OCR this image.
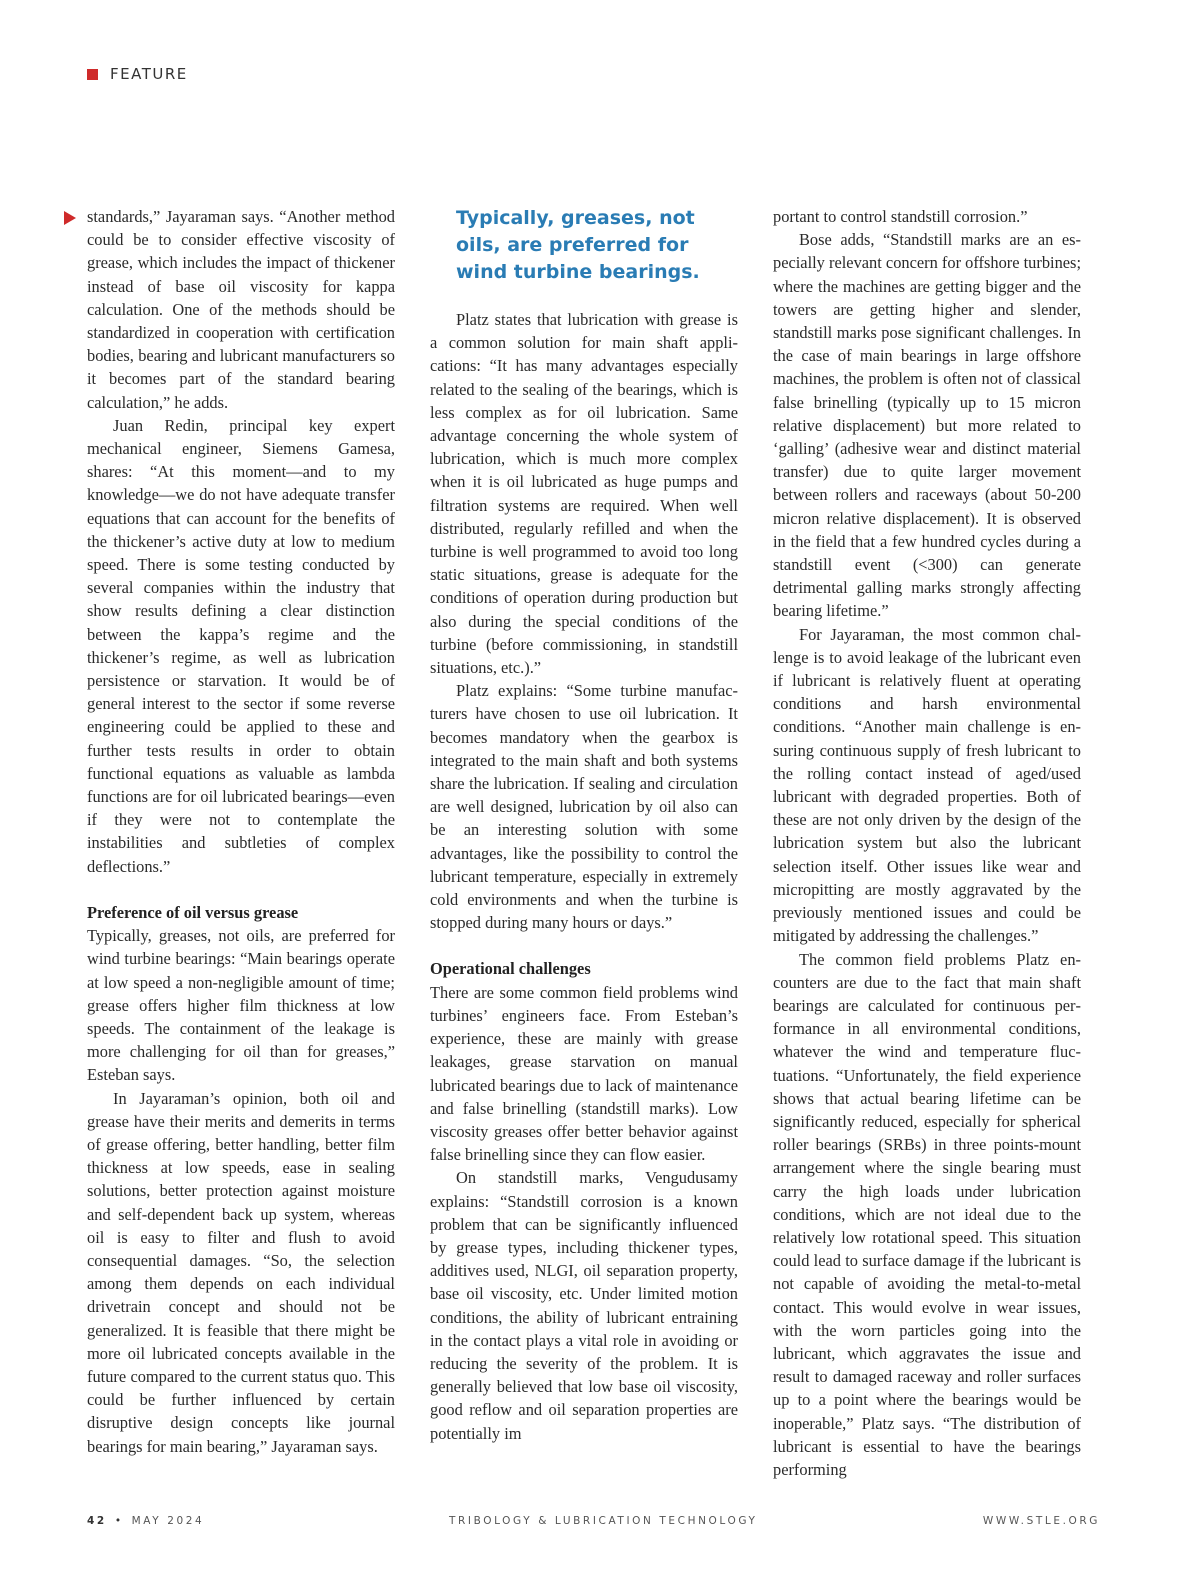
FEATURE

standards,” Jayaraman says. “Another method could be to consider effective viscosity of grease, which includes the impact of thickener instead of base oil viscosity for kappa calculation. One of the methods should be standardized in cooperation with certification bodies, bearing and lubricant manufacturers so it becomes part of the standard bearing calculation,” he adds.

Juan Redin, principal key expert mechanical engineer, Siemens Gamesa, shares: “At this moment—and to my knowledge—we do not have adequate transfer equations that can account for the benefits of the thickener’s active duty at low to medium speed. There is some testing conducted by several companies within the industry that show results defining a clear distinction between the kappa’s regime and the thickener’s regime, as well as lubrication persistence or starvation. It would be of general interest to the sector if some reverse engineering could be applied to these and further tests results in order to obtain functional equations as valuable as lambda functions are for oil lubricated bearings—even if they were not to contemplate the instabilities and subtleties of complex deflections.”

Preference of oil versus grease

Typically, greases, not oils, are preferred for wind turbine bearings: “Main bearings operate at low speed a non-negligible amount of time; grease offers higher film thickness at low speeds. The containment of the leakage is more challenging for oil than for greases,” Esteban says.

In Jayaraman’s opinion, both oil and grease have their merits and demerits in terms of grease offering, better handling, better film thickness at low speeds, ease in sealing solutions, better protection against moisture and self-dependent back up system, whereas oil is easy to filter and flush to avoid consequential damages. “So, the selection among them depends on each individual drivetrain concept and should not be generalized. It is feasible that there might be more oil lubricated concepts available in the future compared to the current status quo. This could be further influenced by certain disruptive design concepts like journal bearings for main bearing,” Jayaraman says.

Typically, greases, not oils, are preferred for wind turbine bearings.

Platz states that lubrication with grease is a common solution for main shaft applications: “It has many advantages especially related to the sealing of the bearings, which is less complex as for oil lubrication. Same advantage concerning the whole system of lubrication, which is much more complex when it is oil lubricated as huge pumps and filtration systems are required. When well distributed, regularly refilled and when the turbine is well programmed to avoid too long static situations, grease is adequate for the conditions of operation during production but also during the special conditions of the turbine (before commissioning, in standstill situations, etc.).”

Platz explains: “Some turbine manufacturers have chosen to use oil lubrication. It becomes mandatory when the gearbox is integrated to the main shaft and both systems share the lubrication. If sealing and circulation are well designed, lubrication by oil also can be an interesting solution with some advantages, like the possibility to control the lubricant temperature, especially in extremely cold environments and when the turbine is stopped during many hours or days.”

Operational challenges

There are some common field problems wind turbines’ engineers face. From Esteban’s experience, these are mainly with grease leakages, grease starvation on manual lubricated bearings due to lack of maintenance and false brinelling (standstill marks). Low viscosity greases offer better behavior against false brinelling since they can flow easier.

On standstill marks, Vengudusamy explains: “Standstill corrosion is a known problem that can be significantly influenced by grease types, including thickener types, additives used, NLGI, oil separation property, base oil viscosity, etc. Under limited motion conditions, the ability of lubricant entraining in the contact plays a vital role in avoiding or reducing the severity of the problem. It is generally believed that low base oil viscosity, good reflow and oil separation properties are potentially im

portant to control standstill corrosion.”

Bose adds, “Standstill marks are an especially relevant concern for offshore turbines; where the machines are getting bigger and the towers are getting higher and slender, standstill marks pose significant challenges. In the case of main bearings in large offshore machines, the problem is often not of classical false brinelling (typically up to 15 micron relative displacement) but more related to ‘galling’ (adhesive wear and distinct material transfer) due to quite larger movement between rollers and raceways (about 50-200 micron relative displacement). It is observed in the field that a few hundred cycles during a standstill event (<300) can generate detrimental galling marks strongly affecting bearing lifetime.”

For Jayaraman, the most common challenge is to avoid leakage of the lubricant even if lubricant is relatively fluent at operating conditions and harsh environmental conditions. “Another main challenge is ensuring continuous supply of fresh lubricant to the rolling contact instead of aged/used lubricant with degraded properties. Both of these are not only driven by the design of the lubrication system but also the lubricant selection itself. Other issues like wear and micropitting are mostly aggravated by the previously mentioned issues and could be mitigated by addressing the challenges.”

The common field problems Platz encounters are due to the fact that main shaft bearings are calculated for continuous performance in all environmental conditions, whatever the wind and temperature fluctuations. “Unfortunately, the field experience shows that actual bearing lifetime can be significantly reduced, especially for spherical roller bearings (SRBs) in three points-mount arrangement where the single bearing must carry the high loads under lubrication conditions, which are not ideal due to the relatively low rotational speed. This situation could lead to surface damage if the lubricant is not capable of avoiding the metal-to-metal contact. This would evolve in wear issues, with the worn particles going into the lubricant, which aggravates the issue and result to damaged raceway and roller surfaces up to a point where the bearings would be inoperable,” Platz says. “The distribution of lubricant is essential to have the bearings performing

42 • MAY 2024	TRIBOLOGY & LUBRICATION TECHNOLOGY	WWW.STLE.ORG
